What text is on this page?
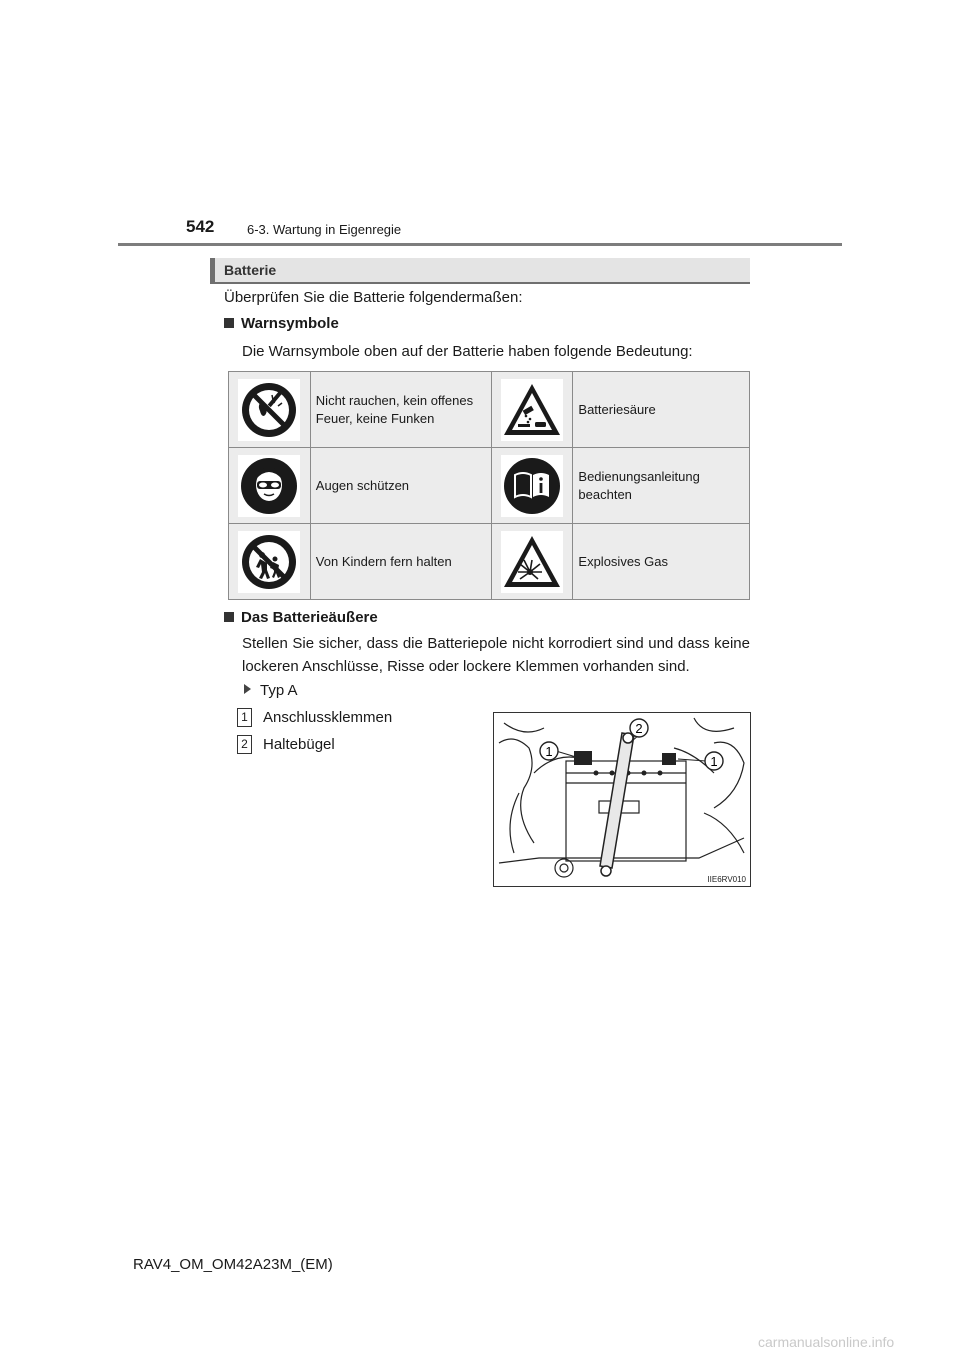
542	6-3. Wartung in Eigenregie
Batterie
Überprüfen Sie die Batterie folgendermaßen:
Warnsymbole
Die Warnsymbole oben auf der Batterie haben folgende Bedeutung:
	Nicht rauchen, kein offenes Feuer, keine Funken		Batteriesäure

	Augen schützen		Bedienungsanleitung beachten

	Von Kindern fern halten		Explosives Gas
Das Batterieäußere
Stellen Sie sicher, dass die Batteriepole nicht korrodiert sind und dass keine lockeren Anschlüsse, Risse oder lockere Klemmen vorhanden sind.
Typ A
1 Anschlussklemmen
2 Haltebügel	1
2
1
IIE6RV010
RAV4_OM_OM42A23M_(EM)
carmanualsonline.info
